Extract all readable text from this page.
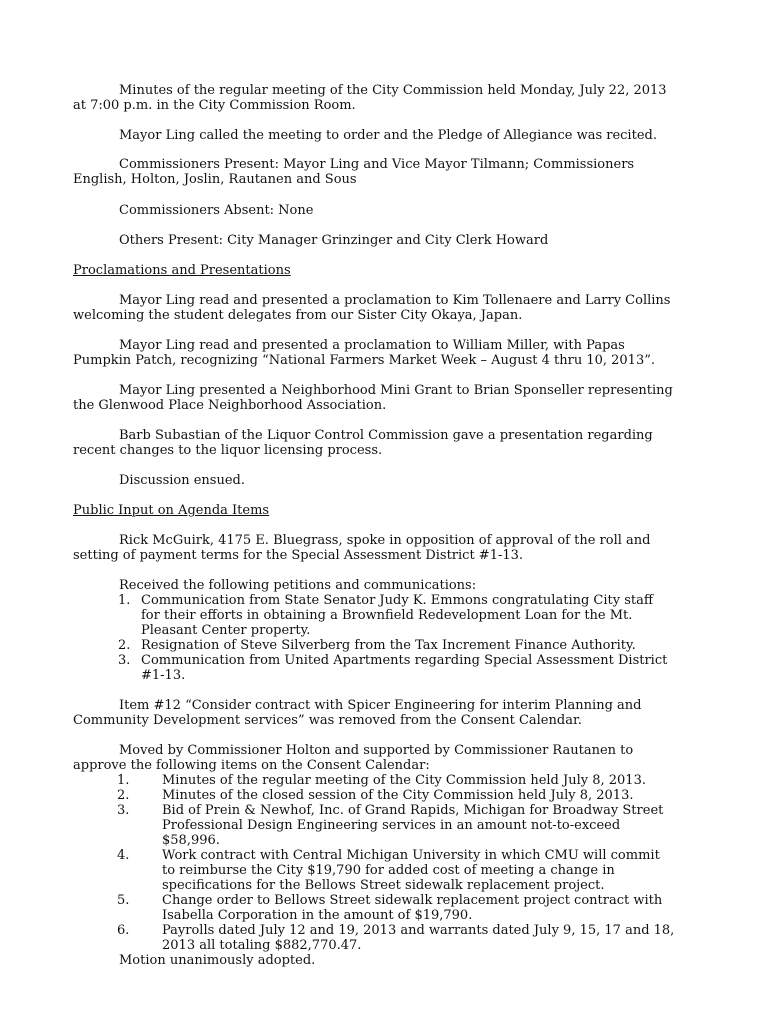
Minutes of the regular meeting of the City Commission held Monday, July 22, 2013
at 7:00 p.m. in the City Commission Room.

Mayor Ling called the meeting to order and the Pledge of Allegiance was recited.

Commissioners Present: Mayor Ling and Vice Mayor Tilmann; Commissioners
English, Holton, Joslin, Rautanen and Sous

Commissioners Absent: None

Others Present: City Manager Grinzinger and City Clerk Howard

Proclamations and Presentations

Mayor Ling read and presented a proclamation to Kim Tollenaere and Larry Collins
welcoming the student delegates from our Sister City Okaya, Japan.

Mayor Ling read and presented a proclamation to William Miller, with Papas
Pumpkin Patch, recognizing “National Farmers Market Week – August 4 thru 10, 2013”.

Mayor Ling presented a Neighborhood Mini Grant to Brian Sponseller representing
the Glenwood Place Neighborhood Association.

Barb Subastian of the Liquor Control Commission gave a presentation regarding
recent changes to the liquor licensing process.

Discussion ensued.

Public Input on Agenda Items

Rick McGuirk, 4175 E. Bluegrass, spoke in opposition of approval of the roll and
setting of payment terms for the Special Assessment District #1-13.

Received the following petitions and communications:

1. Communication from State Senator Judy K. Emmons congratulating City staff
for their efforts in obtaining a Brownfield Redevelopment Loan for the Mt.
Pleasant Center property.
2. Resignation of Steve Silverberg from the Tax Increment Finance Authority.
3. Communication from United Apartments regarding Special Assessment District
#1-13.

Item #12 “Consider contract with Spicer Engineering for interim Planning and
Community Development services” was removed from the Consent Calendar.

Moved by Commissioner Holton and supported by Commissioner Rautanen to
approve the following items on the Consent Calendar:

1.	Minutes of the regular meeting of the City Commission held July 8, 2013.
2.	Minutes of the closed session of the City Commission held July 8, 2013.
3.	Bid of Prein & Newhof, Inc. of Grand Rapids, Michigan for Broadway Street
Professional Design Engineering services in an amount not-to-exceed
$58,996.
4.	Work contract with Central Michigan University in which CMU will commit
to reimburse the City $19,790 for added cost of meeting a change in
specifications for the Bellows Street sidewalk replacement project.
5.	Change order to Bellows Street sidewalk replacement project contract with
Isabella Corporation in the amount of $19,790.
6.	Payrolls dated July 12 and 19, 2013 and warrants dated July 9, 15, 17 and 18,
2013 all totaling $882,770.47.

Motion unanimously adopted.
